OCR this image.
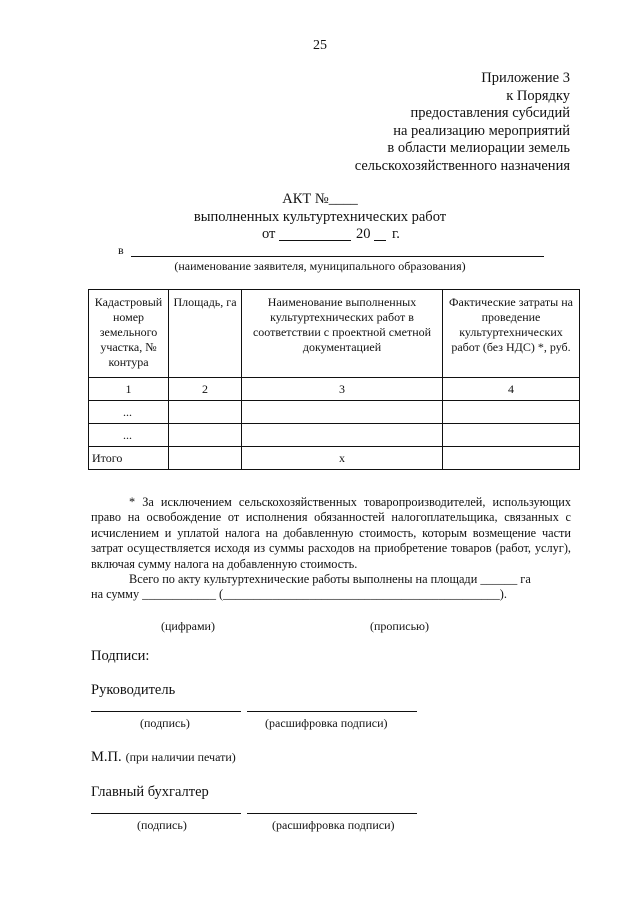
25
Приложение 3
к Порядку
предоставления субсидий
на реализацию мероприятий
в области мелиорации земель
сельскохозяйственного назначения
АКТ №____
выполненных культуртехнических работ
от	20 г.
в
(наименование заявителя, муниципального образования)
Кадастровый номер земельного участка, № контура	Площадь, га	Наименование выполненных культуртехнических работ в соответствии с проектной сметной документацией	Фактические затраты на проведение культуртехнических работ (без НДС) *, руб.
1	2	3	4
...			
...			
Итого		x	

* За исключением сельскохозяйственных товаропроизводителей, использующих право на освобождение от исполнения обязанностей налогоплательщика, связанных с исчислением и уплатой налога на добавленную стоимость, которым возмещение части затрат осуществляется исходя из суммы расходов на приобретение товаров (работ, услуг), включая сумму налога на добавленную стоимость.

Всего по акту культуртехнические работы выполнены на площади ______ га

на сумму ____________ (_____________________________________________).
(цифрами)	(прописью)
Подписи:
Руководитель
(подпись)	(расшифровка подписи)
М.П. (при наличии печати)
Главный бухгалтер
(подпись)	(расшифровка подписи)
